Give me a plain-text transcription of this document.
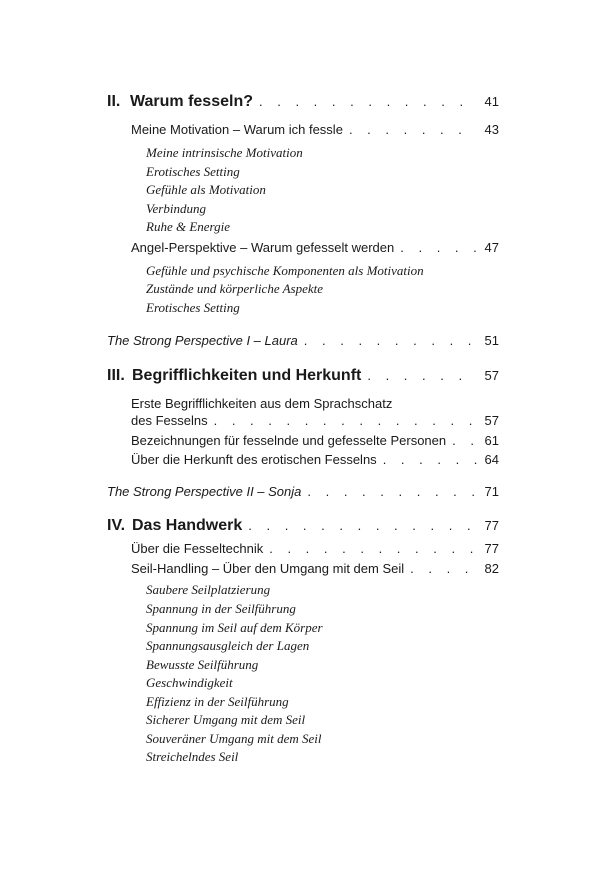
II. Warum fesseln? . . .	41
Meine Motivation – Warum ich fessle . . .	43
Meine intrinsische Motivation
Erotisches Setting
Gefühle als Motivation
Verbindung
Ruhe & Energie
Angel-Perspektive – Warum gefesselt werden . . .	47
Gefühle und psychische Komponenten als Motivation
Zustände und körperliche Aspekte
Erotisches Setting
The Strong Perspective I – Laura . . .	51
III. Begrifflichkeiten und Herkunft . . .	57
Erste Begrifflichkeiten aus dem Sprachschatz
des Fesselns . . .	57
Bezeichnungen für fesselnde und gefesselte Personen . . .	61
Über die Herkunft des erotischen Fesselns . . .	64
The Strong Perspective II – Sonja . . .	71
IV. Das Handwerk . . .	77
Über die Fesseltechnik . . .	77
Seil-Handling – Über den Umgang mit dem Seil . . .	82
Saubere Seilplatzierung
Spannung in der Seilführung
Spannung im Seil auf dem Körper
Spannungsausgleich der Lagen
Bewusste Seilführung
Geschwindigkeit
Effizienz in der Seilführung
Sicherer Umgang mit dem Seil
Souveräner Umgang mit dem Seil
Streichelndes Seil
